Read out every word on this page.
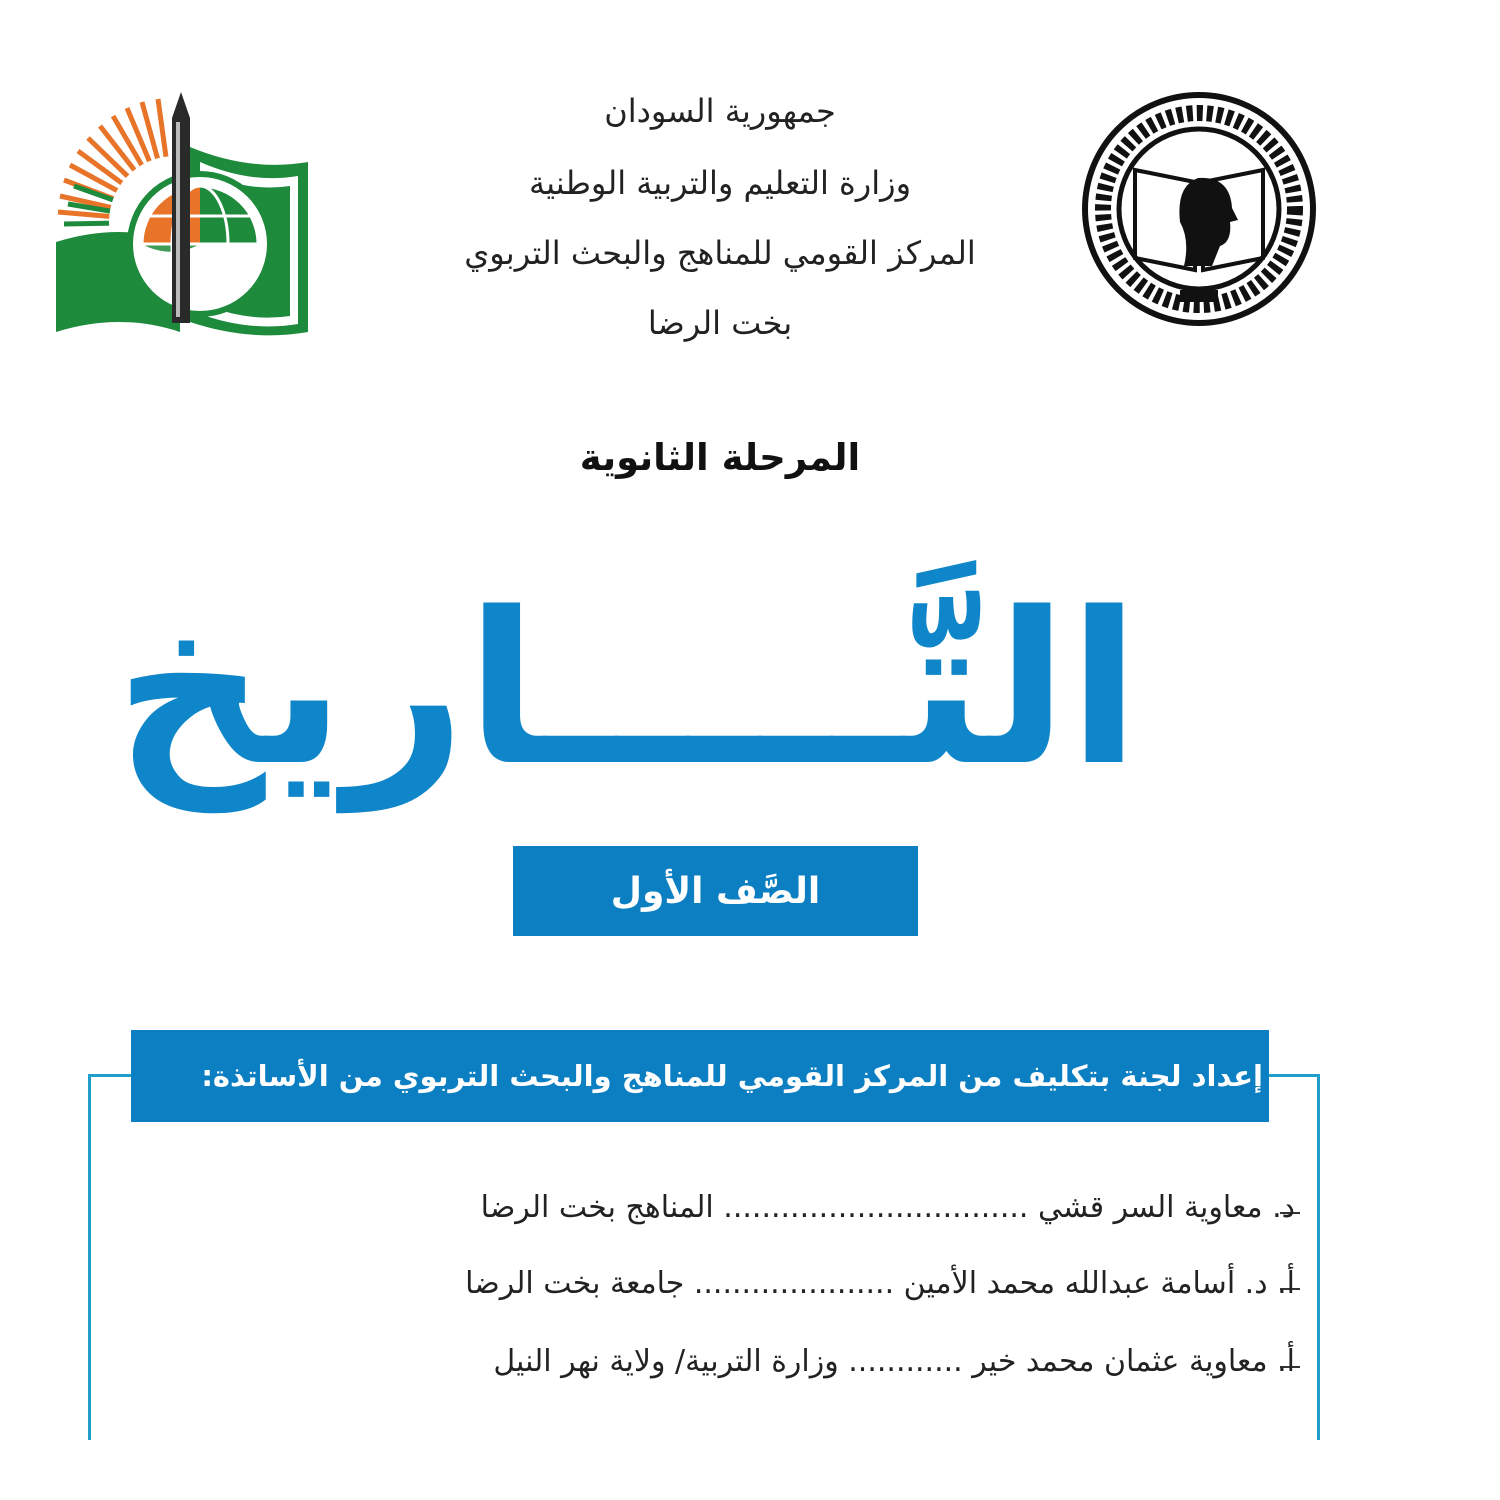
جمهورية السودان
وزارة التعليم والتربية الوطنية
المركز القومي للمناهج والبحث التربوي
بخت الرضا
المرحلة الثانوية
التَّـــــاريخ
الصَّف الأول
إعداد لجنة بتكليف من المركز القومي للمناهج والبحث التربوي من الأساتذة:
د. معاوية السر قشي ................................ المناهج بخت الرضا
أ. د. أسامة عبدالله محمد الأمين ..................... جامعة بخت الرضا
أ. معاوية عثمان محمد خير ............ وزارة التربية/ ولاية نهر النيل
